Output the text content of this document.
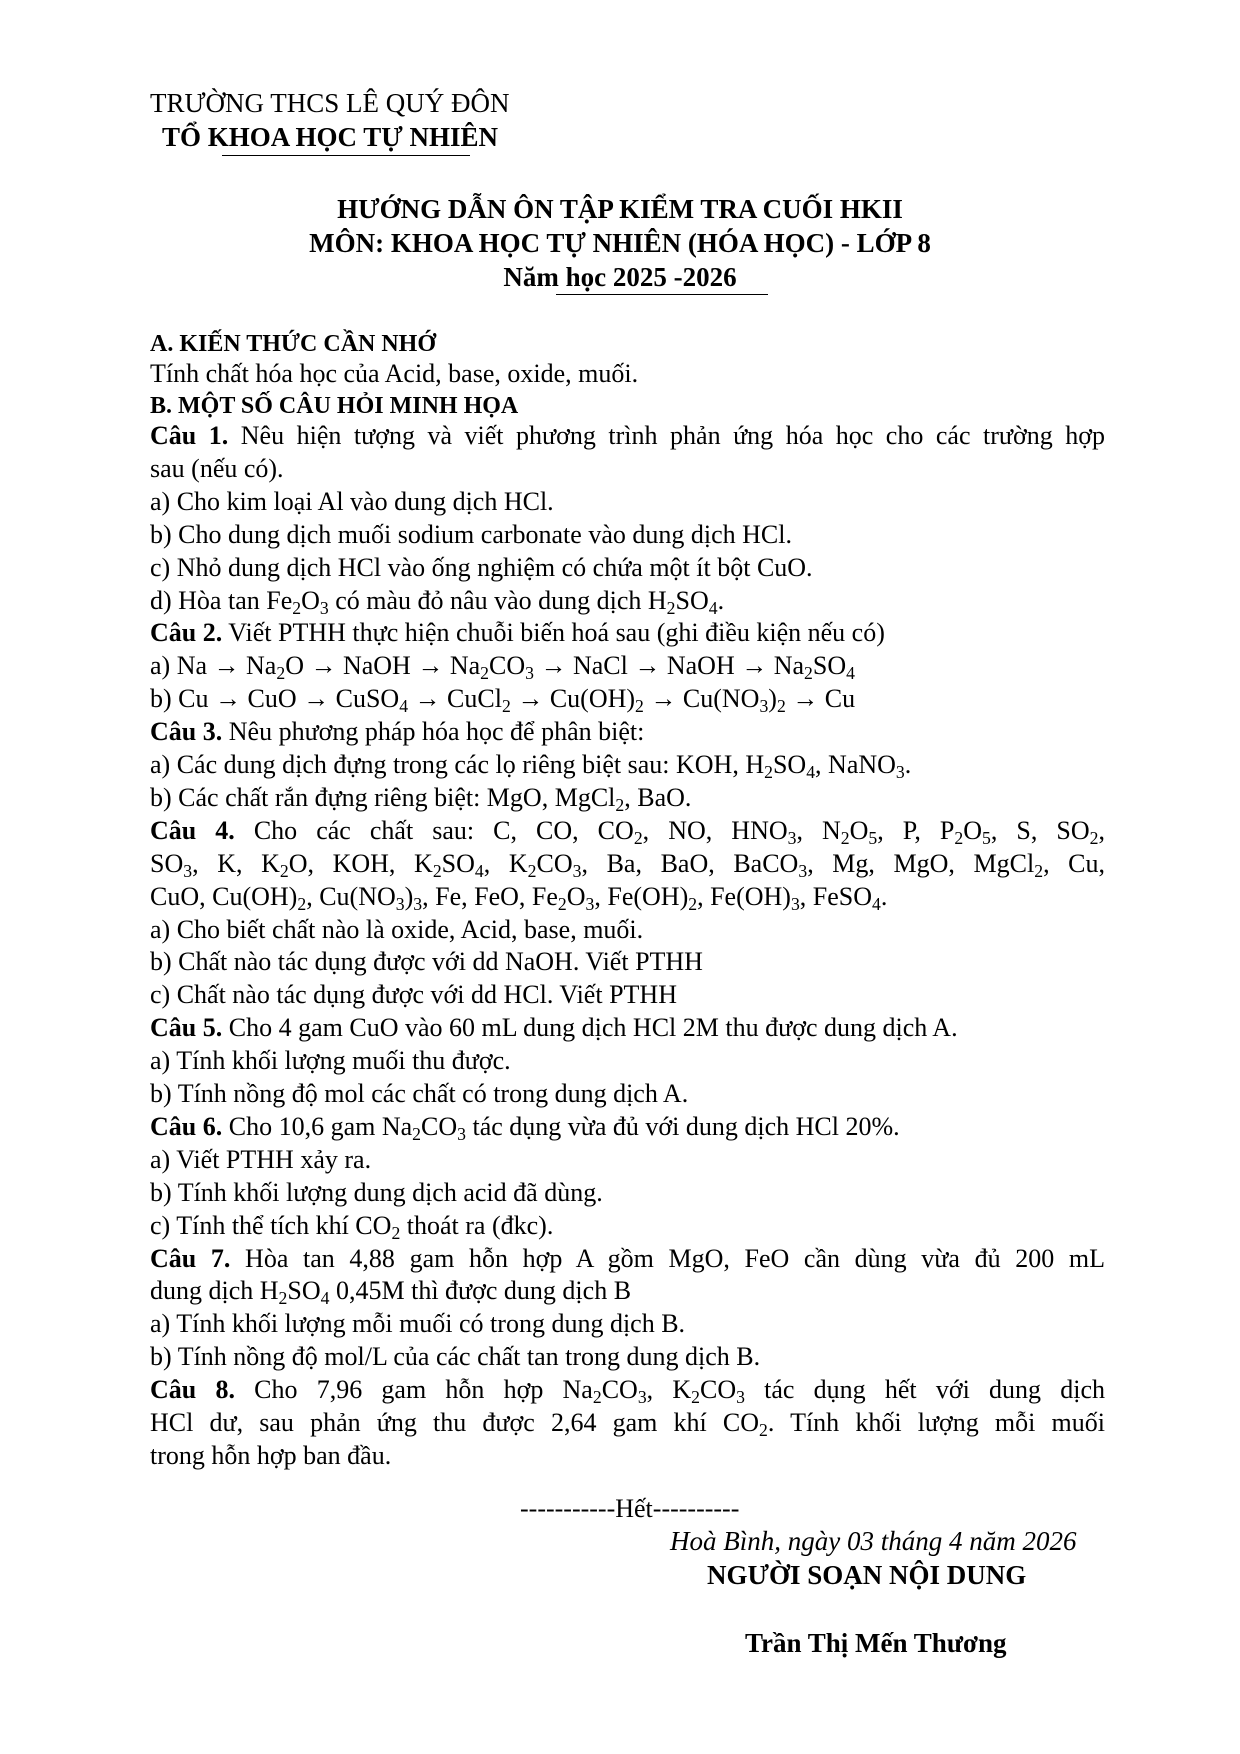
TRƯỜNG THCS LÊ QUÝ ĐÔN
TỔ KHOA HỌC TỰ NHIÊN
HƯỚNG DẪN ÔN TẬP KIỂM TRA CUỐI HKII
MÔN: KHOA HỌC TỰ NHIÊN (HÓA HỌC) - LỚP 8
Năm học 2025 -2026
A. KIẾN THỨC CẦN NHỚ
Tính chất hóa học của Acid, base, oxide, muối.
B. MỘT SỐ CÂU HỎI MINH HỌA
Câu 1. Nêu hiện tượng và viết phương trình phản ứng hóa học cho các trường hợp
sau (nếu có).
a) Cho kim loại Al vào dung dịch HCl.
b) Cho dung dịch muối sodium carbonate vào dung dịch HCl.
c) Nhỏ dung dịch HCl vào ống nghiệm có chứa một ít bột CuO.
d) Hòa $\tan Fe_2O_3$ có màu đỏ nâu vào dung dịch $H_2SO_4$.
Câu 2. Viết PTHH thực hiện chuỗi biến hoá sau (ghi điều kiện nếu có)
a) $Na \to Na_2O$ → NaOH → $Na_2CO_3$ → NaCl → NaOH → $Na_2SO_4$
b) Cu → CuO → CuSO$_4$ → CuCl$_2$ → $Cu(OH)_2 \to Cu(NO_3)_2 \to Cu$
Câu 3. Nêu phương pháp hóa học để phân biệt:
a) Các dung dịch đựng trong các lọ riêng biệt sau: KOH, $H_2SO_4$, NaNO$_3$.
b) Các chất rắn đựng riêng biệt: MgO, MgCl$_2$, BaO.
Câu 4. Cho các chất sau: C, CO, $CO_2$, NO, $HNO_3$, $N_2O_5$, P, $P_2O_5$, S, $SO_2$,
$SO_3$, K, $K_2O$, KOH, $K_2SO_4$, $K_2CO_3$, Ba, BaO, BaCO$_3$, Mg, MgO, MgCl$_2$, Cu,
CuO, $Cu(OH)_2$, $Cu(NO_3)_3$, Fe, FeO, $Fe_2O_3$, $Fe(OH)_2$, $Fe(OH)_3$, FeSO$_4$.
a) Cho biết chất nào là oxide, Acid, base, muối.
b) Chất nào tác dụng được với dd NaOH. Viết PTHH
c) Chất nào tác dụng được với dd HCl. Viết PTHH
Câu 5. Cho 4 gam CuO vào 60 mL dung dịch HCl 2M thu được dung dịch A.
a) Tính khối lượng muối thu được.
b) Tính nồng độ mol các chất có trong dung dịch A.
Câu 6. Cho 10,6 gam $Na_2CO_3$ tác dụng vừa đủ với dung dịch HCl 20%.
a) Viết PTHH xảy ra.
b) Tính khối lượng dung dịch acid đã dùng.
c) Tính thể tích khí $CO_2$ thoát ra (đkc).
Câu 7. Hòa tan 4,88 gam hỗn hợp A gồm MgO, FeO cần dùng vừa đủ 200 mL
dung dịch $H_2SO_4$ 0,45M thì được dung dịch B
a) Tính khối lượng mỗi muối có trong dung dịch B.
b) Tính nồng độ mol/L của các chất tan trong dung dịch B.
Câu 8. Cho 7,96 gam hỗn hợp $Na_2CO_3$, $K_2CO_3$ tác dụng hết với dung dịch
HCl dư, sau phản ứng thu được 2,64 gam khí $CO_2$. Tính khối lượng mỗi muối
trong hỗn hợp ban đầu.
-----------Hết----------
Hoà Bình, ngày 03 tháng 4 năm 2026
NGƯỜI SOẠN NỘI DUNG
Trần Thị Mến Thương
